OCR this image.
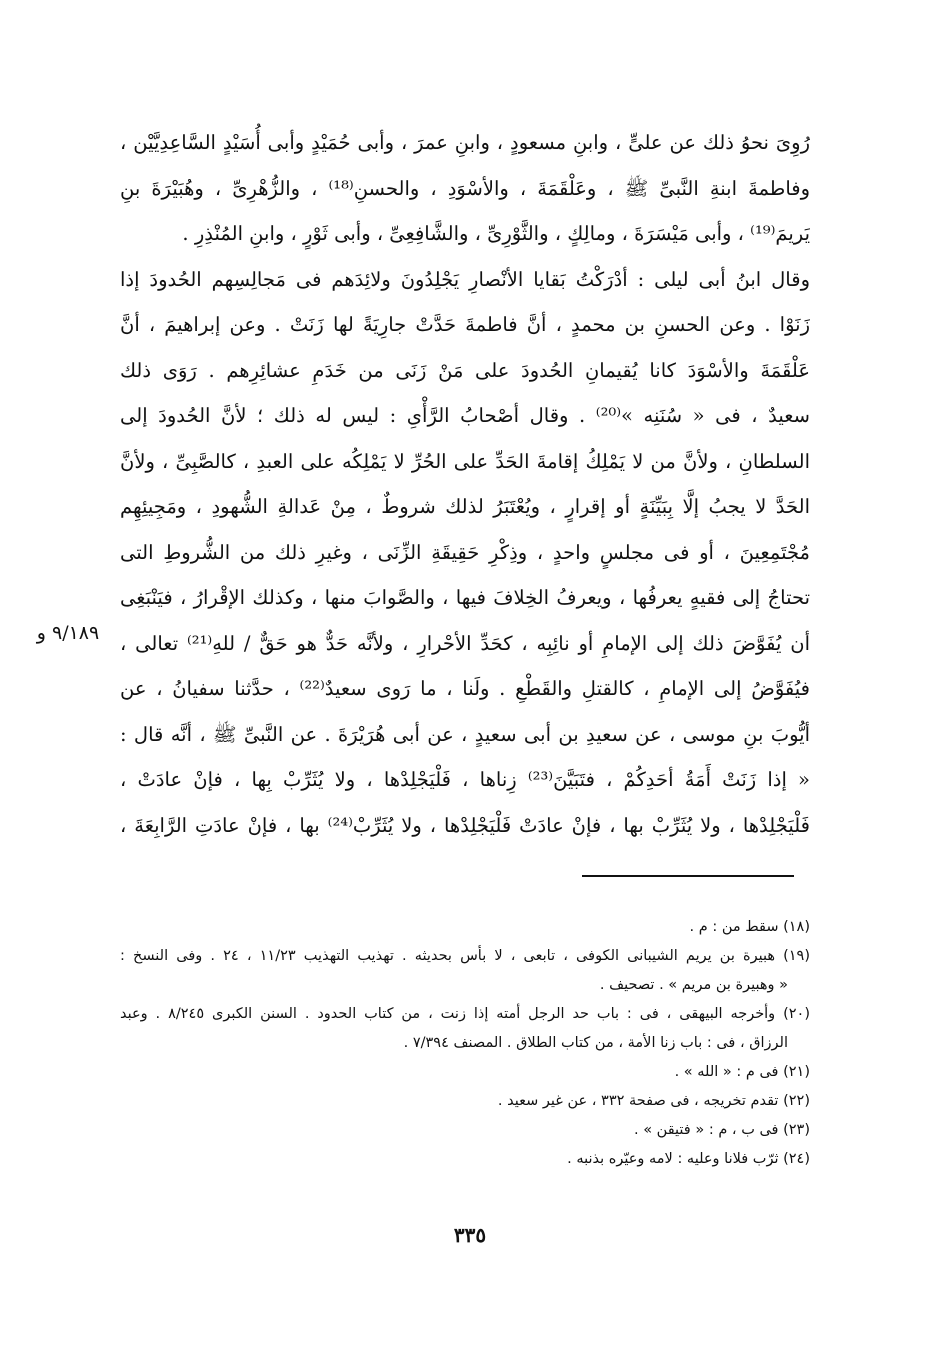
رُوِىَ نحوُ ذلك عن علىٍّ ، وابنِ مسعودٍ ، وابنِ عمرَ ، وأبى حُمَيْدٍ وأبى أُسَيْدٍ السَّاعِدِيَّيْن ،
وفاطمةَ ابنةِ النَّبىِّ ﷺ ، وعَلْقَمَةَ ، والأسْوَدِ ، والحسنِ⁽¹⁸⁾ ، والزُّهْرِىِّ ، وهُبَيْرَةَ بنِ
يَريمَ⁽¹⁹⁾ ، وأبى مَيْسَرَةَ ، ومالِكٍ ، والثَّوْرِىِّ ، والشَّافِعِىِّ ، وأبى ثَوْرٍ ، وابنِ المُنْذِرِ .
وقال ابنُ أبى ليلى : أدْرَكْتُ بَقايا الأنْصارِ يَجْلِدُونَ ولائِدَهم فى مَجالِسِهم الحُدودَ إذا
زَنَوْا . وعن الحسنِ بن محمدٍ ، أنَّ فاطمةَ حَدَّتْ جارِيَةً لها زَنَتْ . وعن إبراهيمَ ، أنَّ
عَلْقَمَةَ والأسْوَدَ كانا يُقيمانِ الحُدودَ على مَنْ زَنَى من خَدَمِ عشائِرِهم . رَوَى ذلك
سعيدٌ ، فى « سُنَنِه »⁽²⁰⁾ . وقال أصْحابُ الرَّأْىِ : ليس له ذلك ؛ لأنَّ الحُدودَ إلى
السلطانِ ، ولأنَّ من لا يَمْلِكُ إقامةَ الحَدِّ على الحُرِّ لا يَمْلِكُه على العبدِ ، كالصَّبِىِّ ، ولأنَّ
الحَدَّ لا يجبُ إلَّا بِبَيِّنَةٍ أو إقرارٍ ، ويُعْتَبَرُ لذلك شروطٌ ، مِنْ عَدالةِ الشُّهودِ ، ومَجِيئِهِم
مُجْتَمِعِينَ ، أو فى مجلسٍ واحدٍ ، وذِكْرِ حَقِيقَةِ الزِّنَى ، وغيرِ ذلك من الشُّروطِ التى
تحتاجُ إلى فقيهٍ يعرفُها ، ويعرفُ الخِلافَ فيها ، والصَّوابَ منها ، وكذلك الإقْرارُ ، فيَنْبَغِى
أن يُفَوَّضَ ذلك إلى الإمامِ أو نائِبِه ، كحَدِّ الأحْرارِ ، ولأنَّه حَدٌّ هو حَقٌّ / للهِ⁽²¹⁾ تعالى ،
فيُفَوَّضُ إلى الإمامِ ، كالقتلِ والقَطْعِ . ولَنا ، ما رَوى سعيدٌ⁽²²⁾ ، حدَّثنا سفيانُ ، عن
أيُّوبَ بنِ موسى ، عن سعيدِ بن أبى سعيدٍ ، عن أبى هُرَيْرَةَ . عن النَّبىِّ ﷺ ، أنَّه قال :
« إذا زَنَتْ أَمَةُ أحَدِكُمْ ، فتَبَيَّنَ⁽²³⁾ زِناها ، فَلْيَجْلِدْها ، ولا يُثَرِّبْ بِها ، فإنْ عادَتْ ،
فَلْيَجْلِدْها ، ولا يُثَرِّبْ بها ، فإنْ عادَتْ فَلْيَجْلِدْها ، ولا يُثَرِّبْ⁽²⁴⁾ بها ، فإنْ عادَتِ الرَّابِعَةَ ،
٩/١٨٩ و
(١٨) سقط من : م .
(١٩) هبيرة بن يريم الشيبانى الكوفى ، تابعى ، لا بأس بحديثه . تهذيب التهذيب ١١/٢٣ ، ٢٤ . وفى النسخ :
« وهبيرة بن مريم » . تصحيف .
(٢٠) وأخرجه البيهقى ، فى : باب حد الرجل أمته إذا زنت ، من كتاب الحدود . السنن الكبرى ٨/٢٤٥ . وعبد
الرزاق ، فى : باب زنا الأمة ، من كتاب الطلاق . المصنف ٧/٣٩٤ .
(٢١) فى م : « الله » .
(٢٢) تقدم تخريجه ، فى صفحة ٣٣٢ ، عن غير سعيد .
(٢٣) فى ب ، م : « فتيقن » .
(٢٤) ثرّب فلانا وعليه : لامه وعيّره بذنبه .
٣٣٥
